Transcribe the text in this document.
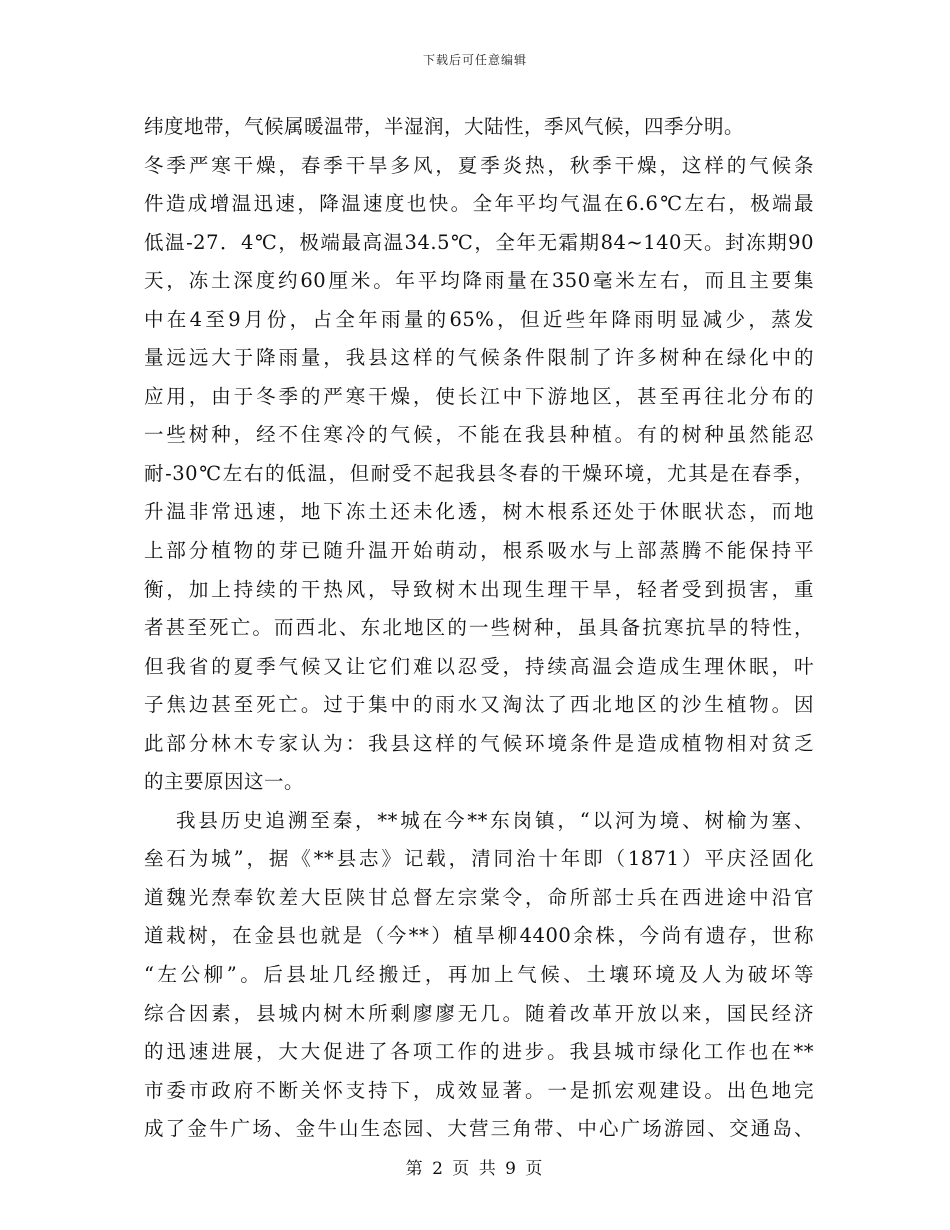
下载后可任意编辑
纬度地带，气候属暖温带，半湿润，大陆性，季风气候，四季分明。
冬季严寒干燥，春季干旱多风，夏季炎热，秋季干燥，这样的气候条
件造成增温迅速，降温速度也快。全年平均气温在6.6℃左右，极端最
低温-27．4℃，极端最高温34.5℃，全年无霜期84~140天。封冻期90
天，冻土深度约60厘米。年平均降雨量在350毫米左右，而且主要集
中在4至9月份，占全年雨量的65%，但近些年降雨明显减少，蒸发
量远远大于降雨量，我县这样的气候条件限制了许多树种在绿化中的
应用，由于冬季的严寒干燥，使长江中下游地区，甚至再往北分布的
一些树种，经不住寒冷的气候，不能在我县种植。有的树种虽然能忍
耐-30℃左右的低温，但耐受不起我县冬春的干燥环境，尤其是在春季，
升温非常迅速，地下冻土还未化透，树木根系还处于休眠状态，而地
上部分植物的芽已随升温开始萌动，根系吸水与上部蒸腾不能保持平
衡，加上持续的干热风，导致树木出现生理干旱，轻者受到损害，重
者甚至死亡。而西北、东北地区的一些树种，虽具备抗寒抗旱的特性，
但我省的夏季气候又让它们难以忍受，持续高温会造成生理休眠，叶
子焦边甚至死亡。过于集中的雨水又淘汰了西北地区的沙生植物。因
此部分林木专家认为：我县这样的气候环境条件是造成植物相对贫乏
的主要原因这一。
我县历史追溯至秦，**城在今**东岗镇，“以河为境、树榆为塞、
垒石为城”，据《**县志》记载，清同治十年即（1871）平庆泾固化
道魏光焘奉钦差大臣陕甘总督左宗棠令，命所部士兵在西进途中沿官
道栽树，在金县也就是（今**）植旱柳4400余株，今尚有遗存，世称
“左公柳”。后县址几经搬迁，再加上气候、土壤环境及人为破坏等
综合因素，县城内树木所剩廖廖无几。随着改革开放以来，国民经济
的迅速进展，大大促进了各项工作的进步。我县城市绿化工作也在**
市委市政府不断关怀支持下，成效显著。一是抓宏观建设。出色地完
成了金牛广场、金牛山生态园、大营三角带、中心广场游园、交通岛、
第 2 页 共 9 页
